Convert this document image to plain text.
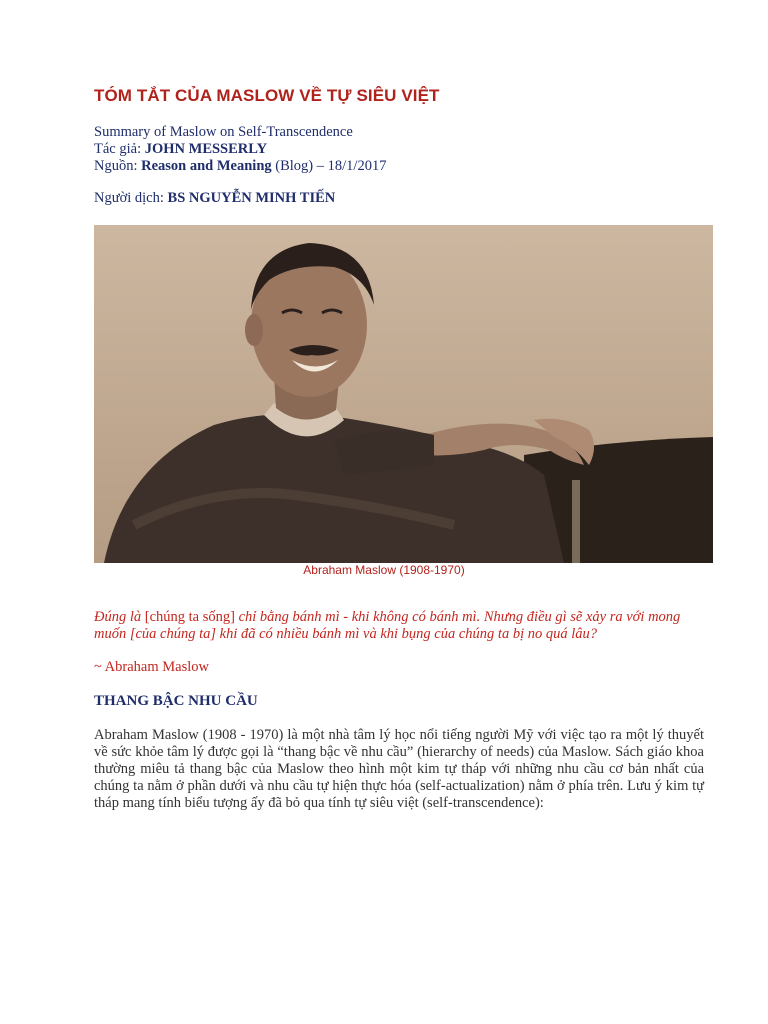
TÓM TẮT CỦA MASLOW VỀ TỰ SIÊU VIỆT
Summary of Maslow on Self-Transcendence
Tác giả: JOHN MESSERLY
Nguồn: Reason and Meaning (Blog) – 18/1/2017
Người dịch: BS NGUYỄN MINH TIẾN
Abraham Maslow (1908-1970)
Đúng là [chúng ta sống] chỉ bằng bánh mì - khi không có bánh mì. Nhưng điều gì sẽ xảy ra với mong muốn [của chúng ta] khi đã có nhiều bánh mì và khi bụng của chúng ta bị no quá lâu?
~ Abraham Maslow
THANG BẬC NHU CẦU
Abraham Maslow (1908 - 1970) là một nhà tâm lý học nổi tiếng người Mỹ với việc tạo ra một lý thuyết về sức khỏe tâm lý được gọi là “thang bậc về nhu cầu” (hierarchy of needs) của Maslow. Sách giáo khoa thường miêu tả thang bậc của Maslow theo hình một kim tự tháp với những nhu cầu cơ bản nhất của chúng ta nằm ở phần dưới và nhu cầu tự hiện thực hóa (self-actualization) nằm ở phía trên. Lưu ý kim tự tháp mang tính biểu tượng ấy đã bỏ qua tính tự siêu việt (self-transcendence):
